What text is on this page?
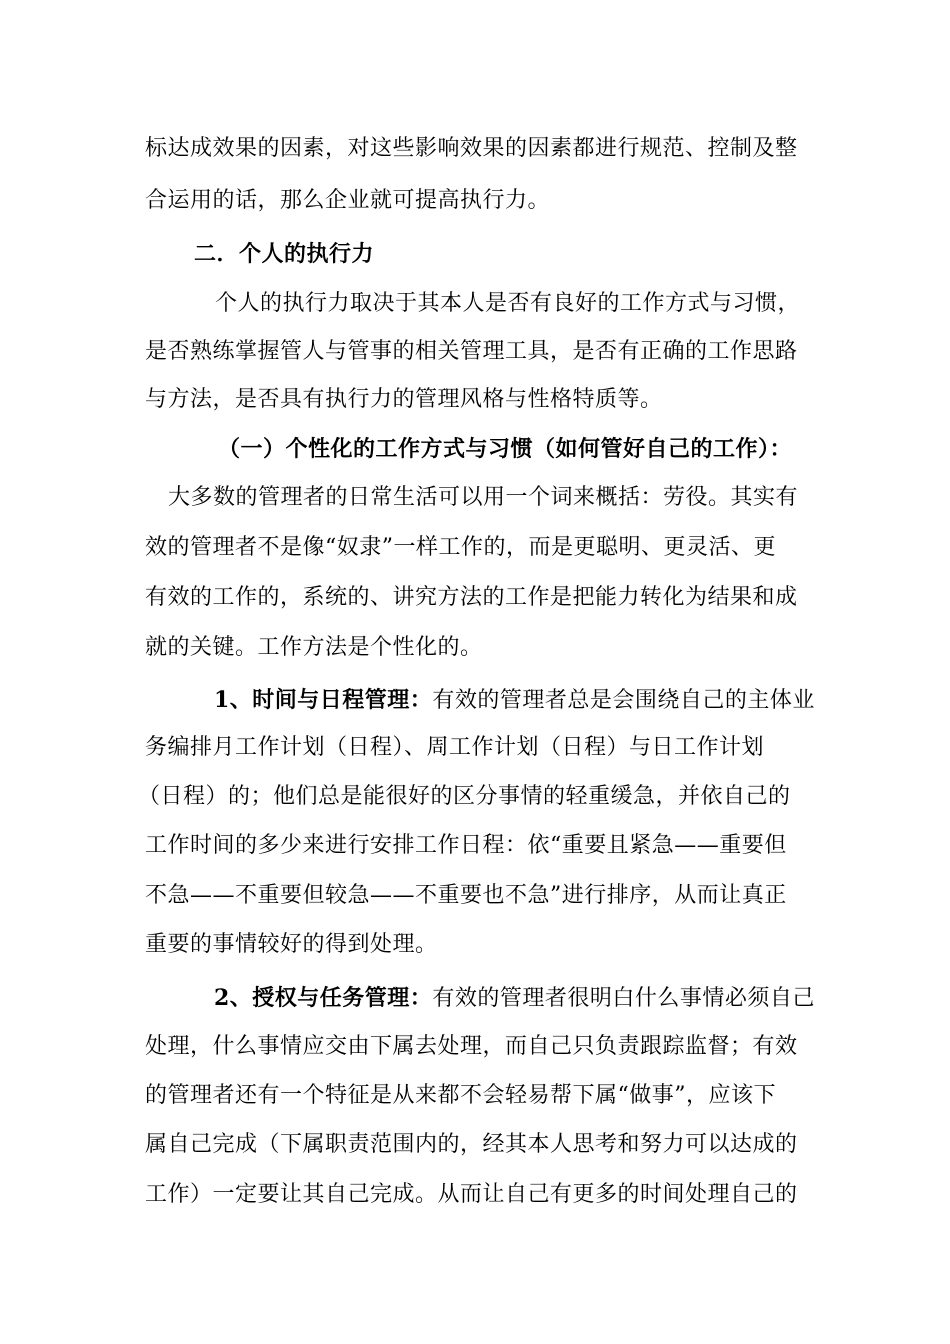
标达成效果的因素，对这些影响效果的因素都进行规范、控制及整
合运用的话，那么企业就可提高执行力。
二．个人的执行力
个人的执行力取决于其本人是否有良好的工作方式与习惯，
是否熟练掌握管人与管事的相关管理工具，是否有正确的工作思路
与方法，是否具有执行力的管理风格与性格特质等。
（一）个性化的工作方式与习惯（如何管好自己的工作）：
大多数的管理者的日常生活可以用一个词来概括：劳役。其实有
效的管理者不是像“奴隶”一样工作的，而是更聪明、更灵活、更
有效的工作的，系统的、讲究方法的工作是把能力转化为结果和成
就的关键。工作方法是个性化的。
1、时间与日程管理：有效的管理者总是会围绕自己的主体业
务编排月工作计划（日程）、周工作计划（日程）与日工作计划
（日程）的；他们总是能很好的区分事情的轻重缓急，并依自己的
工作时间的多少来进行安排工作日程：依“重要且紧急——重要但
不急——不重要但较急——不重要也不急”进行排序，从而让真正
重要的事情较好的得到处理。
2、授权与任务管理：有效的管理者很明白什么事情必须自己
处理，什么事情应交由下属去处理，而自己只负责跟踪监督；有效
的管理者还有一个特征是从来都不会轻易帮下属“做事”，应该下
属自己完成（下属职责范围内的，经其本人思考和努力可以达成的
工作）一定要让其自己完成。从而让自己有更多的时间处理自己的
